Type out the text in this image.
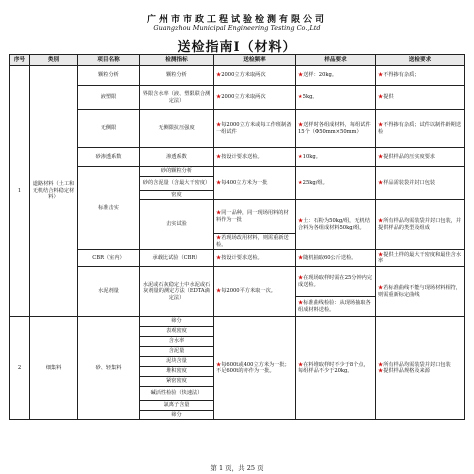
广州市市政工程试验检测有限公司
Guangzhou Municipal Engineering Testing Co.,Ltd
送检指南Ⅰ（材料）
序号	类别	项目名称	检测指标	送检频率	样品要求	送检要求
1	道路材料（土工和无机结合料稳定材料）	颗粒分析	颗粒分析	★2000立方米取两次	★送样：20kg。	★不得掺有杂质；
		液塑限	界限含水率（液、塑限联合测定法）	★2000立方米取两次	★5kg。	★提供
		无侧限	无侧限抗压强度	★每2000立方米或每工作班制备一组试件	★送样时各组成材料，每组试件15个（Φ50mm×50mm）	★不得掺有杂质；试件以制件龄期送检
		砂渗透系数	渗透系数	★按设计要求送检。	★10kg。	★提供样品的压实度要求
		标准击实	砂的颗粒分析	★每400立方米为一批	★25kg/组。	★样品需装袋并封口包装
			砂的含泥量（含最大干密度）			
			密度			
			击实试验	★同一品种，同一现场用料的材料作为一批	★土：石粉为50kg/组，无机结合料为各组成材料50kg/组。	★所有样品均需装袋并封口包装，并提供样品的类型及组成
				★若现场改用材料，则需重新送检。		
		CBR（室内）	承载比试验（CBR）	★按设计要求送检。	★随机抽取60公斤送检。	★提供土样的最大干密度和最佳含水率
		水泥剂量	水泥或石灰稳定土中水泥或石灰剂量的测定方法（EDTA滴定法）	★每2000平方米取一次。	★在现场取样时需在25分钟内完成送检。	★若标准曲线不能与现场材料相符，则需重新标定曲线
					★标准曲线检验：从现场抽取各组成材料送检。	
2	细集料	砂、轻集料	筛分	★每600t或400立方米为一批；不足600t的亦作为一批。	★在料堆取样时不少于8个点，每组样品不少于20kg。	★所有样品均需装袋并封口包装
★提供样品规格及来源
			表观密度			
			含水率			
			含泥量			
			泥块含量			
			堆积密度			
			紧密密度			
			碱活性检验（快速法）			
			氯离子含量			
			筛分			
第 1 页，共 25 页
